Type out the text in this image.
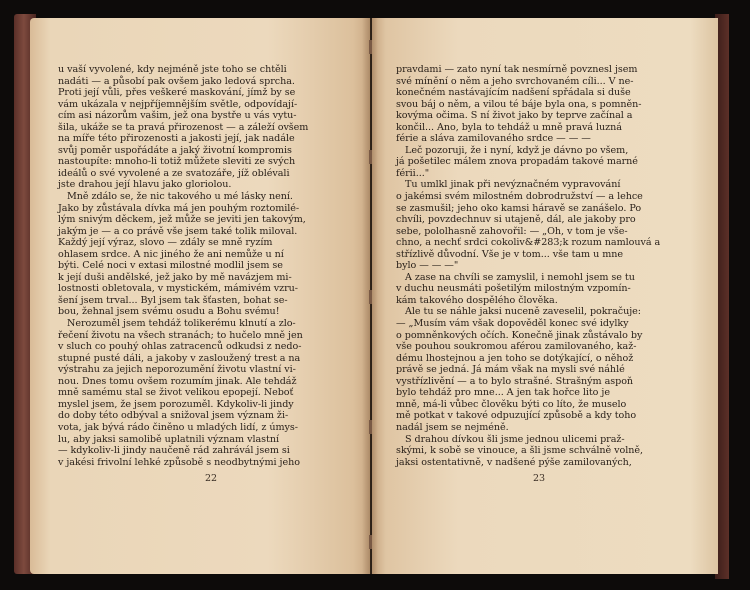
u vaší vyvolené, kdy nejméně jste toho se chtěli
nadáti — a působí pak ovšem jako ledová sprcha.
Proti její vůli, přes veškeré maskování, jímž by se
vám ukázala v nejpříjemnějším světle, odpovídají-
cím asi názorům vašim, jež ona bystře u vás vytu-
šila, ukáže se ta pravá přirozenost — a záleží ovšem
na míře této přirozenosti a jakosti její, jak nadále
svůj poměr uspořádáte a jaký životní kompromis
nastoupíte: mnoho-li totiž můžete sleviti ze svých
ideálů o své vyvolené a ze svatozáře, jíž oblévali
jste drahou její hlavu jako gloriolou.
Mně zdálo se, že nic takového u mé lásky není.
Jako by zůstávala dívka má jen pouhým roztomilé-
lým snivým děckem, jež může se jeviti jen takovým,
jakým je — a co právě vše jsem také tolik miloval.
Každý její výraz, slovo — zdály se mně ryzím
ohlasem srdce. A nic jiného že ani nemůže u ní
býti. Celé noci v extasi milostné modlil jsem se
k její duši andělské, jež jako by mě navázjem mi-
lostnosti obletovala, v mystickém, mámivém vzru-
šení jsem trval... Byl jsem tak šťasten, bohat se-
bou, žehnal jsem svému osudu a Bohu svému!
Nerozuměl jsem tehdáž tolikerému klnutí a zlo-
řečení životu na všech stranách; to hučelo mně jen
v sluch co pouhý ohlas zatracenců odkudsi z nedo-
stupné pusté dáli, a jakoby v zasloužený trest a na
výstrahu za jejich neporozumění životu vlastní vi-
nou. Dnes tomu ovšem rozumím jinak. Ale tehdáž
mně samému stal se život velikou epopejí. Neboť
myslel jsem, že jsem porozuměl. Kdykoliv-li jindy
do doby této odbýval a snižoval jsem význam ži-
vota, jak bývá rádo činěno u mladých lidí, z úmys-
lu, aby jaksi samolibě uplatnili význam vlastní
— kdykoliv-li jindy naučeně rád zahrávál jsem si
v jakési frivolní lehké způsobě s neodbytnými jeho
pravdami — zato nyní tak nesmírně povznesl jsem
své mínění o něm a jeho svrchovaném cíli... V ne-
konečném nastávajícím nadšení spřádala si duše
svou báj o něm, a vilou té báje byla ona, s pomněn-
kovýma očima. S ní život jako by teprve začínal a
končil... Ano, byla to tehdáž u mně pravá luzná
férie a sláva zamilovaného srdce — — —
Leč pozoruji, že i nyní, když je dávno po všem,
já pošetilec málem znova propadám takové marné
férii..."
Tu umlkl jinak při nevýznačném vypravování
o jakémsi svém milostném dobrodružství — a lehce
se zasmušil; jeho oko kamsi háravě se zanášelo. Po
chvíli, povzdechnuv si utajeně, dál, ale jakoby pro
sebe, pololhasně zahovořil: — „Oh, v tom je vše-
chno, a nechť srdci cokoliv&#283;k rozum namlouvá a
střízlivě důvodní. Vše je v tom... vše tam u mne
bylo — — —"
A zase na chvíli se zamyslil, i nemohl jsem se tu
v duchu neusmáti pošetilým milostným vzpomín-
kám takového dospělého člověka.
Ale tu se náhle jaksi nuceně zaveselil, pokračuje:
— „Musím vám však dopověděl konec své idylky
o pomněnkových očích. Konečně jinak zůstávalo by
vše pouhou soukromou aférou zamilovaného, kaž-
dému lhostejnou a jen toho se dotýkající, o něhož
právě se jedná. Já mám však na mysli své náhlé
vystřízlivění — a to bylo strašné. Strašným aspoň
bylo tehdáž pro mne... A jen tak hořce lito je
mně, má-li vůbec člověku býti co líto, že muselo
mě potkat v takové odpuzující způsobě a kdy toho
nadál jsem se nejméně.
S drahou dívkou šli jsme jednou ulicemi praž-
skými, k sobě se vinouce, a šli jsme schválně volně,
jaksi ostentativně, v nadšené pýše zamilovaných,
22	23
